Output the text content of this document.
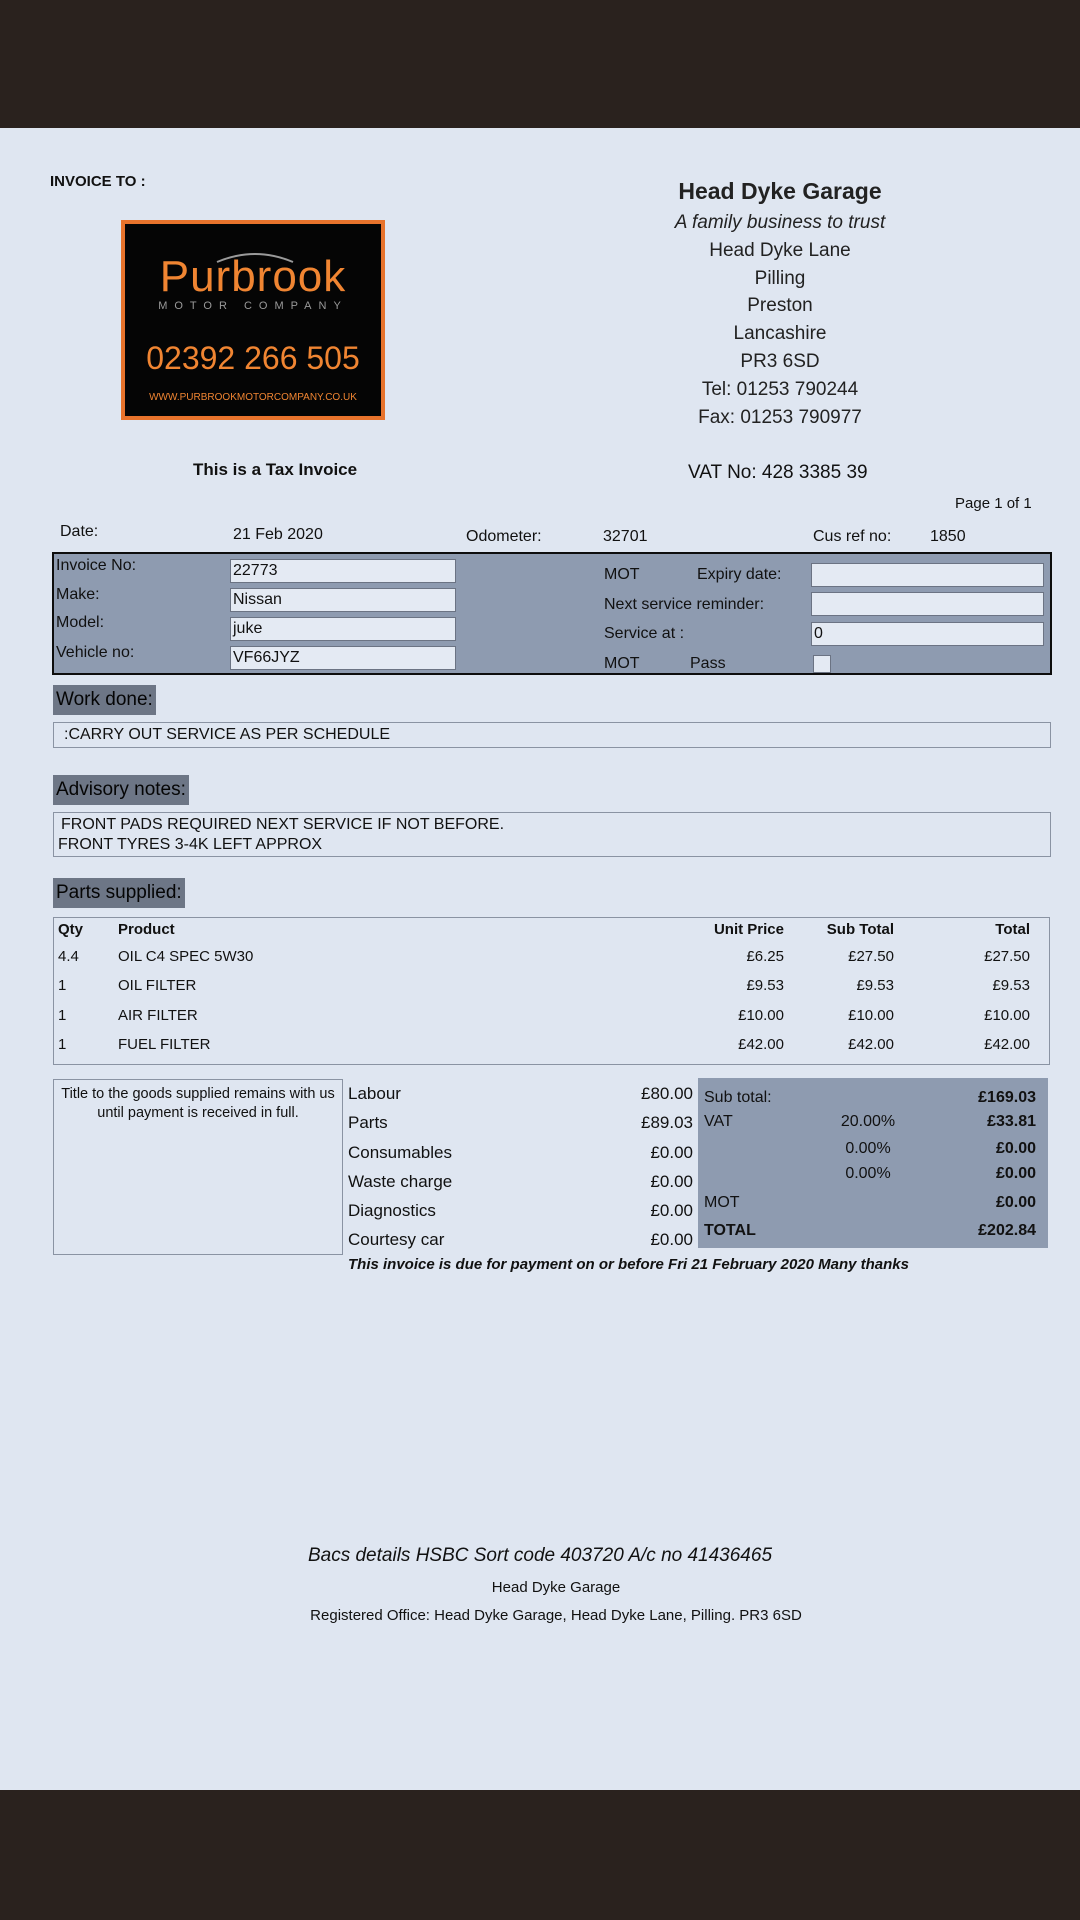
INVOICE TO :
Purbrook
MOTOR COMPANY
02392 266 505
WWW.PURBROOKMOTORCOMPANY.CO.UK
Head Dyke Garage
A family business to trust
Head Dyke Lane
Pilling
Preston
Lancashire
PR3 6SD
Tel: 01253 790244
Fax: 01253 790977
This is a Tax Invoice	VAT No: 428 3385 39
Page 1 of 1
Date:	21 Feb 2020	Odometer:	32701	Cus ref no: 1850
Invoice No:	22773
Make:	Nissan
Model:	juke
Vehicle no:	VF66JYZ
MOT	Expiry date:
Next service reminder:
Service at :	0
MOT	Pass
Work done:
:CARRY OUT SERVICE AS PER SCHEDULE
Advisory notes:
FRONT PADS REQUIRED NEXT SERVICE IF NOT BEFORE.
FRONT TYRES 3-4K LEFT APPROX
Parts supplied:
Qty Product	Unit Price	Sub Total	Total
4.4	OIL C4 SPEC 5W30	£6.25	£27.50	£27.50
1	OIL FILTER	£9.53	£9.53	£9.53
1	AIR FILTER	£10.00	£10.00	£10.00
1	FUEL FILTER	£42.00	£42.00	£42.00
Title to the goods supplied remains with us until payment is received in full.
Labour	£80.00
Parts	£89.03
Consumables	£0.00
Waste charge	£0.00
Diagnostics	£0.00
Courtesy car	£0.00
Sub total:	£169.03
VAT	20.00%	£33.81
0.00%	£0.00
0.00%	£0.00
MOT	£0.00
TOTAL	£202.84
This invoice is due for payment on or before Fri 21 February 2020 Many thanks
Bacs details HSBC Sort code 403720 A/c no 41436465
Head Dyke Garage
Registered Office: Head Dyke Garage, Head Dyke Lane, Pilling. PR3 6SD
